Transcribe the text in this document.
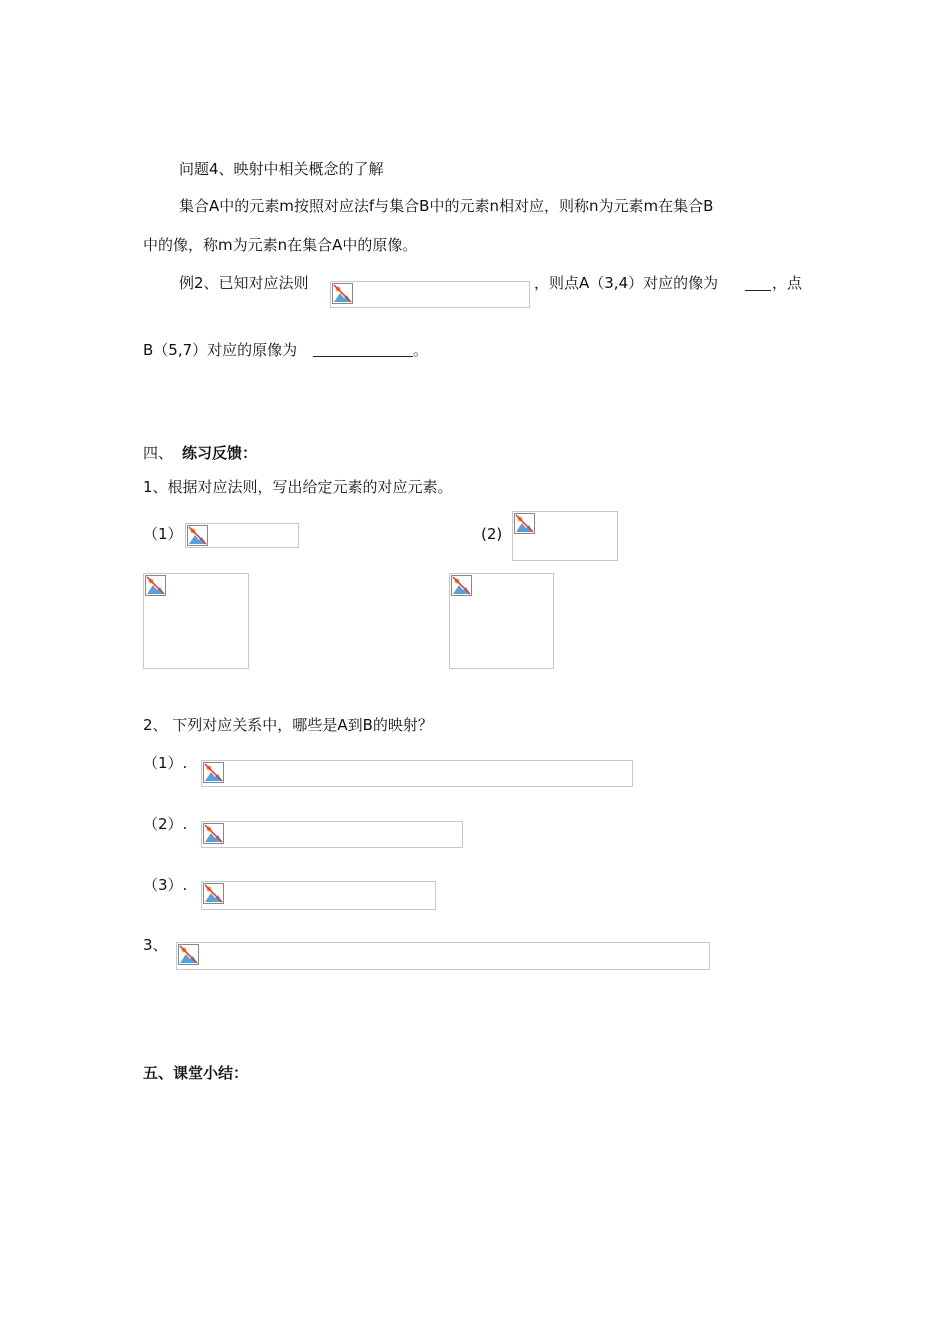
问题4、映射中相关概念的了解
集合A中的元素m按照对应法f与集合B中的元素n相对应，则称n为元素m在集合B
中的像，称m为元素n在集合A中的原像。
例2、已知对应法则	，则点A（3,4）对应的像为	，点
B（5,7）对应的原像为	。
四、 练习反馈：
1、根据对应法则，写出给定元素的对应元素。
（1）	(2)
2、 下列对应关系中，哪些是A到B的映射？
（1）.
（2）.
（3）.
3、
五、课堂小结：
